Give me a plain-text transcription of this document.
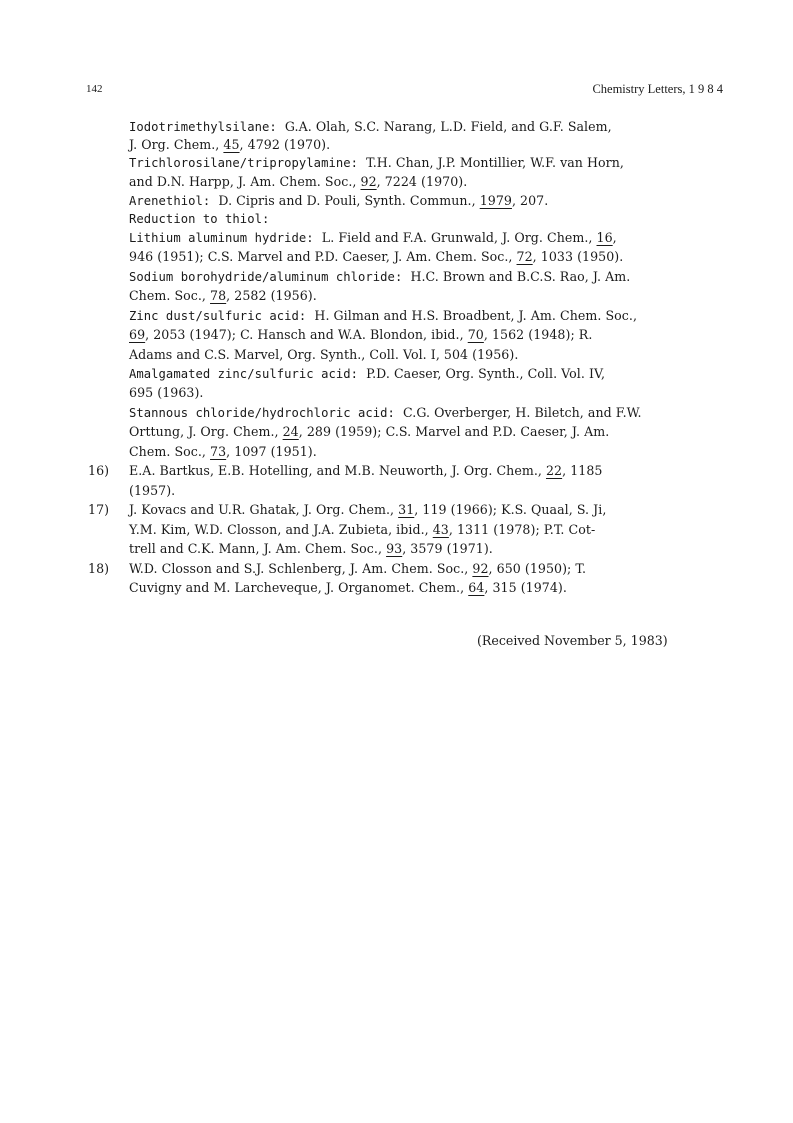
142	Chemistry Letters, 1 9 8 4
Iodotrimethylsilane:  G.A. Olah, S.C. Narang, L.D. Field, and G.F. Salem,
J. Org. Chem., 45, 4792 (1970).
Trichlorosilane/tripropylamine:  T.H. Chan, J.P. Montillier, W.F. van Horn,
and D.N. Harpp, J. Am. Chem. Soc., 92, 7224 (1970).
Arenethiol:  D. Cipris and D. Pouli, Synth. Commun., 1979, 207.
Reduction to thiol:
Lithium aluminum hydride:  L. Field and F.A. Grunwald, J. Org. Chem., 16,
946 (1951); C.S. Marvel and P.D. Caeser, J. Am. Chem. Soc., 72, 1033 (1950).
Sodium borohydride/aluminum chloride:  H.C. Brown and B.C.S. Rao, J. Am.
Chem. Soc., 78, 2582 (1956).
Zinc dust/sulfuric acid:  H. Gilman and H.S. Broadbent, J. Am. Chem. Soc.,
69, 2053 (1947); C. Hansch and W.A. Blondon, ibid., 70, 1562 (1948); R.
Adams and C.S. Marvel, Org. Synth., Coll. Vol. I, 504 (1956).
Amalgamated zinc/sulfuric acid:  P.D. Caeser, Org. Synth., Coll. Vol. IV,
695 (1963).
Stannous chloride/hydrochloric acid:  C.G. Overberger, H. Biletch, and F.W.
Orttung, J. Org. Chem., 24, 289 (1959); C.S. Marvel and P.D. Caeser, J. Am.
Chem. Soc., 73, 1097 (1951).
16) E.A. Bartkus, E.B. Hotelling, and M.B. Neuworth, J. Org. Chem., 22, 1185
(1957).
17) J. Kovacs and U.R. Ghatak, J. Org. Chem., 31, 119 (1966); K.S. Quaal, S. Ji,
Y.M. Kim, W.D. Closson, and J.A. Zubieta, ibid., 43, 1311 (1978); P.T. Cot-
trell and C.K. Mann, J. Am. Chem. Soc., 93, 3579 (1971).
18) W.D. Closson and S.J. Schlenberg, J. Am. Chem. Soc., 92, 650 (1950); T.
Cuvigny and M. Larcheveque, J. Organomet. Chem., 64, 315 (1974).
(Received November 5, 1983)
